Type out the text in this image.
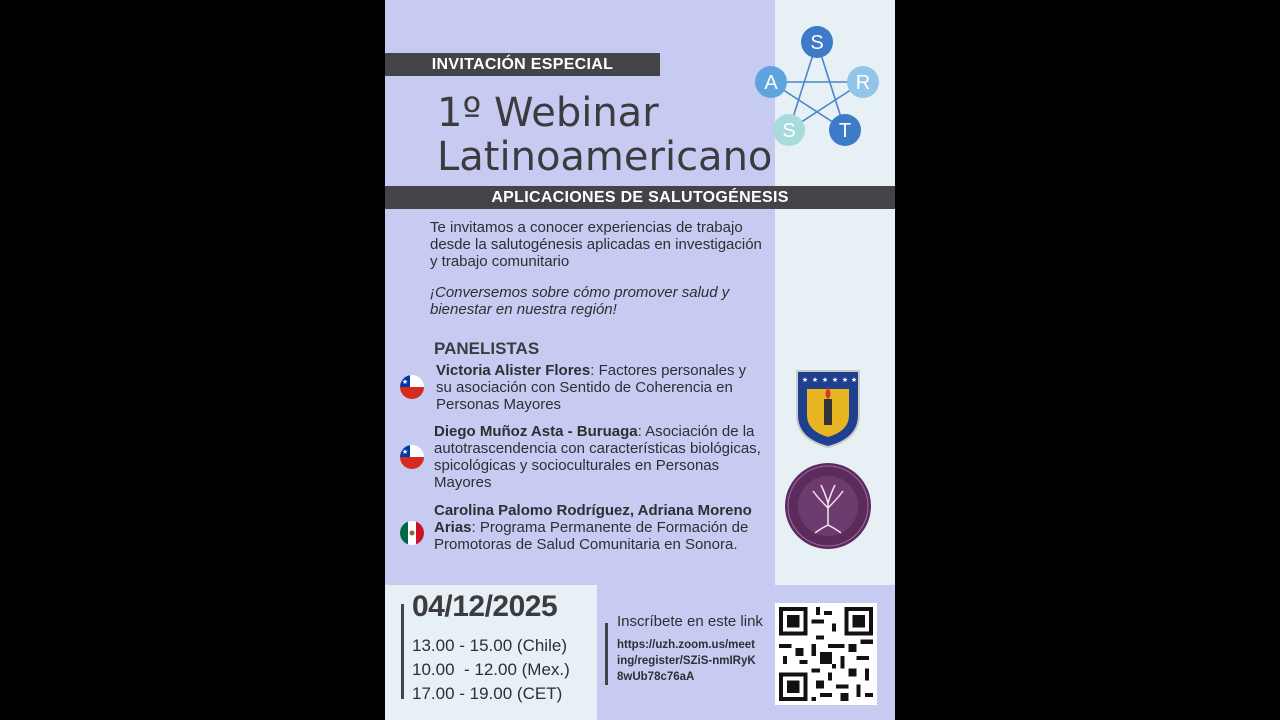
INVITACIÓN ESPECIAL
1º Webinar
Latinoamericano
S
R
T
S
A
APLICACIONES DE SALUTOGÉNESIS
Te invitamos a conocer experiencias de trabajo desde la salutogénesis aplicadas en investigación y trabajo comunitario
¡Conversemos sobre cómo promover salud y bienestar en nuestra región!
PANELISTAS
★
Victoria Alister Flores: Factores personales y su asociación con Sentido de Coherencia en Personas Mayores
★
Diego Muñoz Asta - Buruaga: Asociación de la autotrascendencia con características biológicas, spicológicas y socioculturales en Personas Mayores
Carolina Palomo Rodríguez, Adriana Moreno Arias: Programa Permanente de Formación de Promotoras de Salud Comunitaria en Sonora.
★ ★ ★ ★ ★ ★
04/12/2025
13.00 - 15.00 (Chile)
10.00  - 12.00 (Mex.)
17.00 - 19.00 (CET)
Inscríbete en este link
https://uzh.zoom.us/meeting/register/SZiS-nmIRyK8wUb78c76aA
